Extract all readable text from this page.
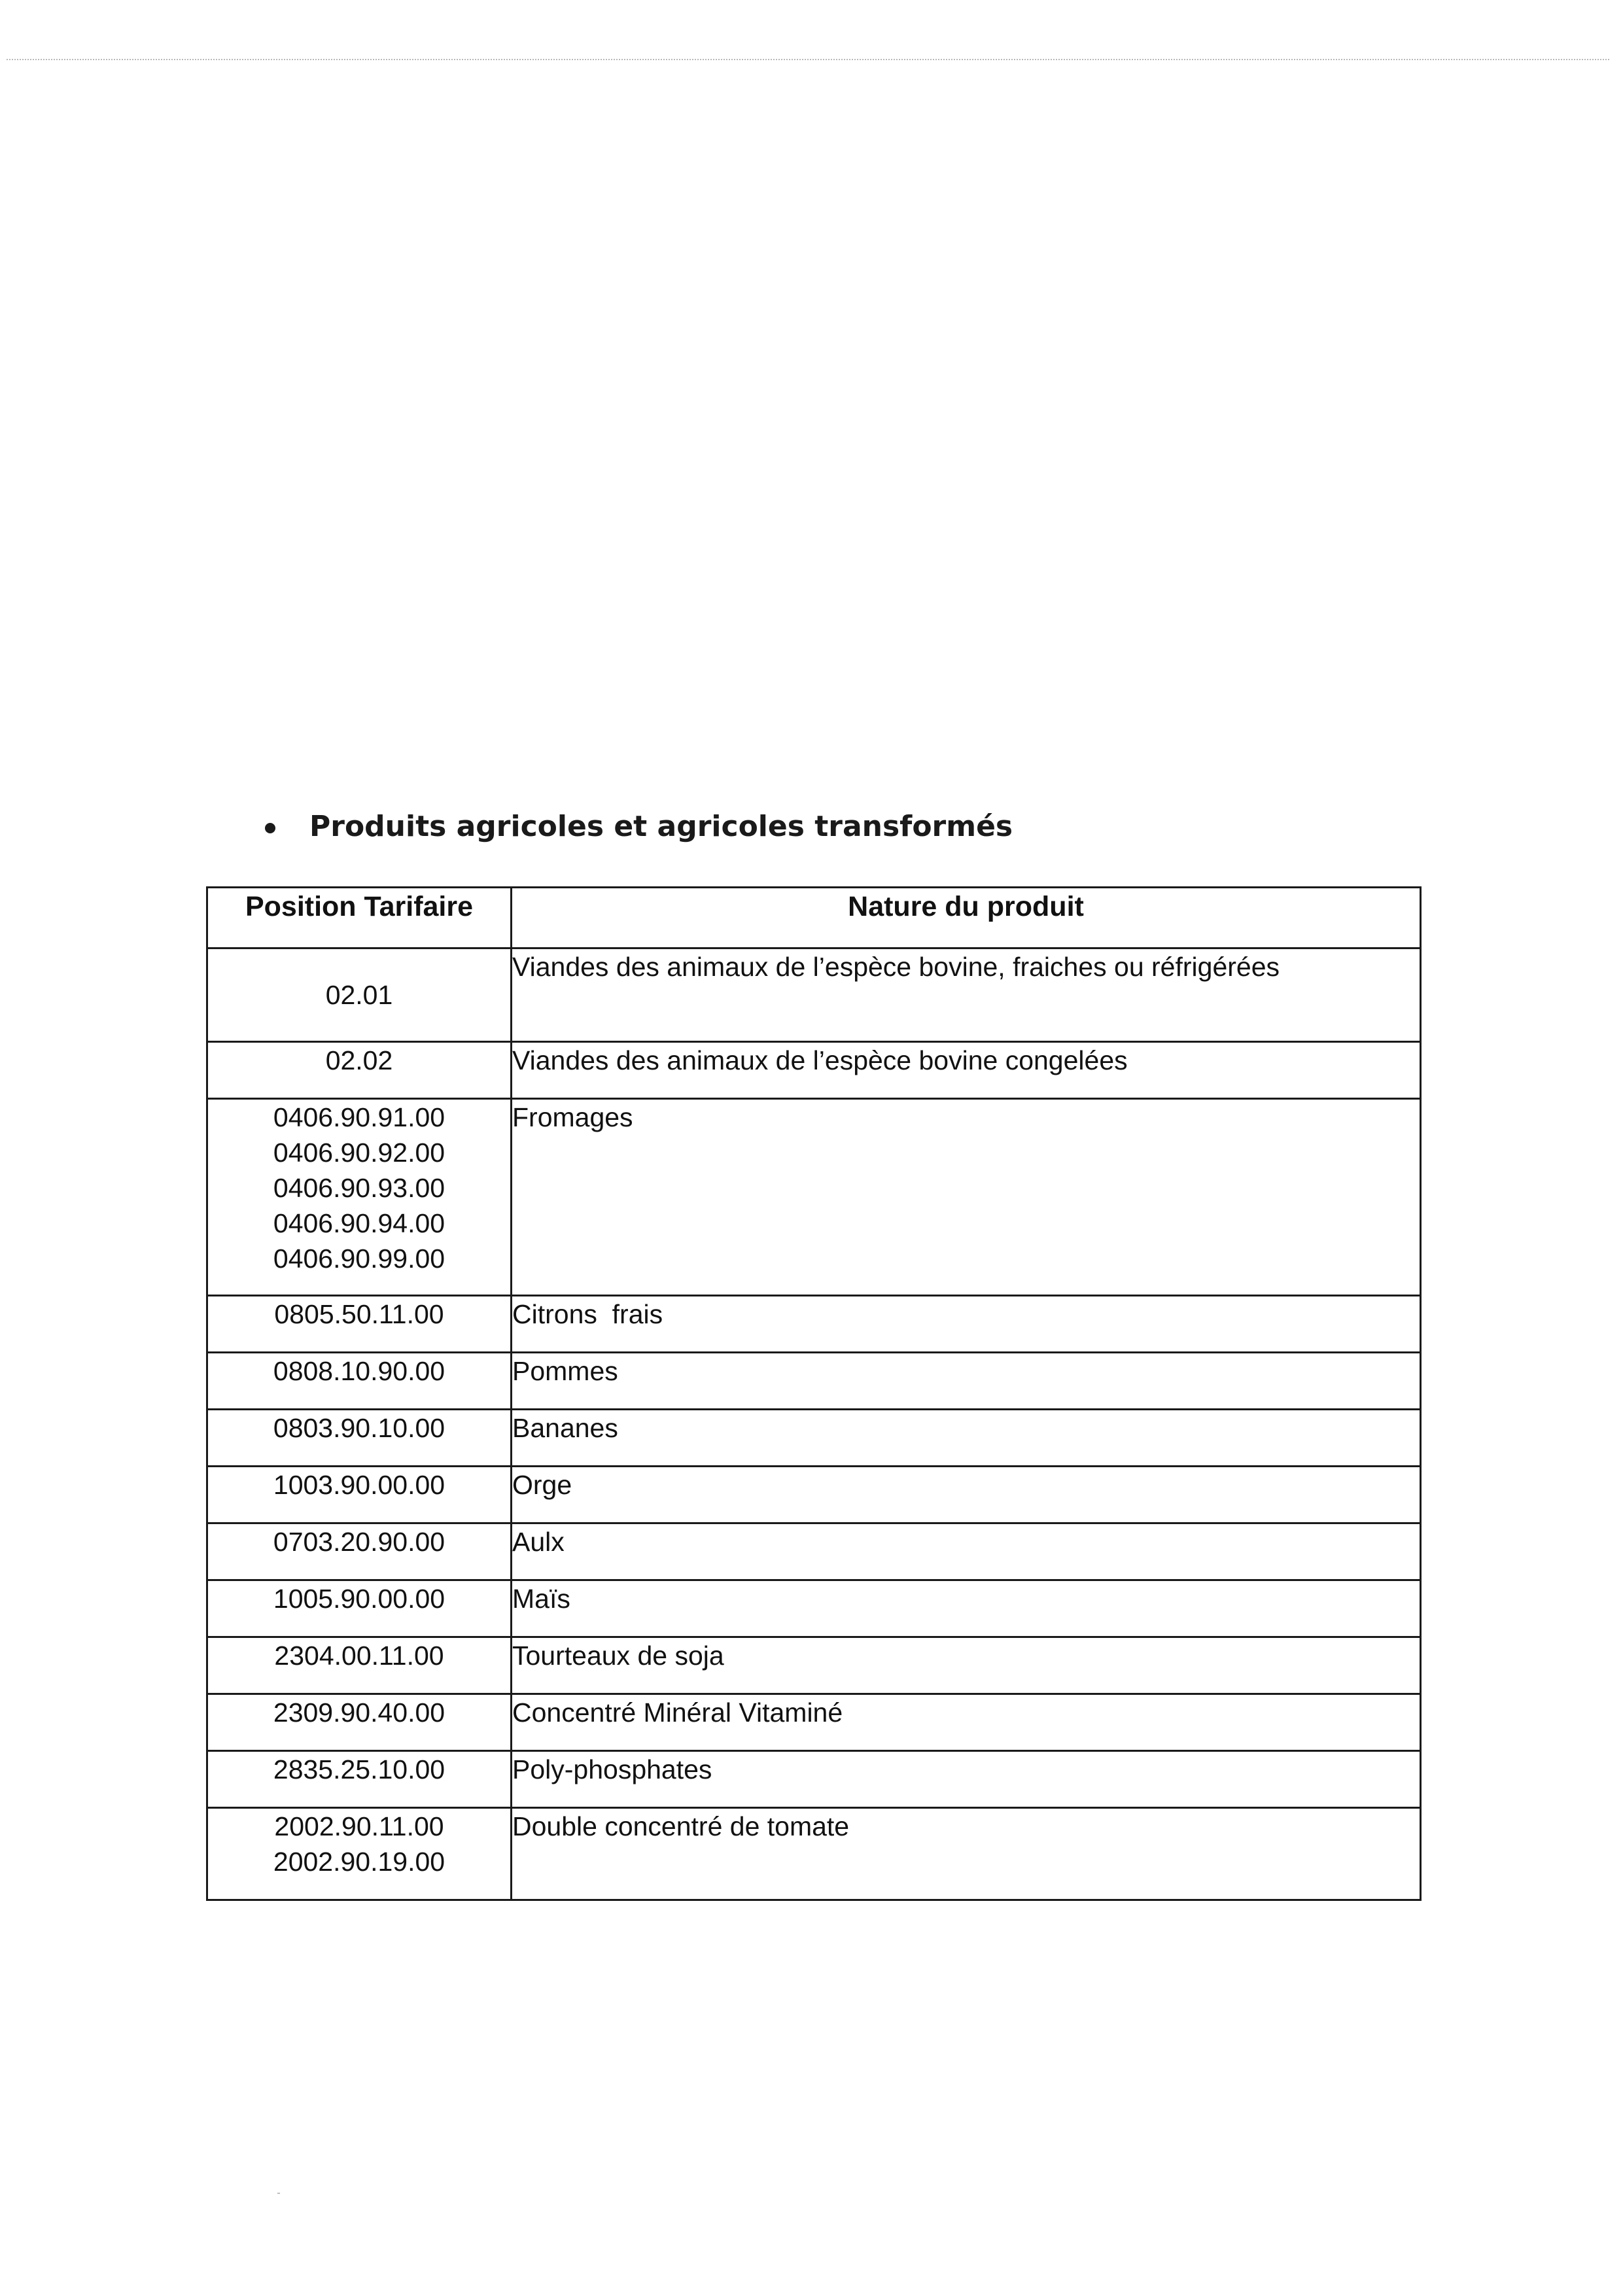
Produits agricoles et agricoles transformés
Position Tarifaire	Nature du produit

02.01	Viandes des animaux de l’espèce bovine, fraiches ou réfrigérées

02.02	Viandes des animaux de l’espèce bovine congelées

0406.90.91.00
0406.90.92.00
0406.90.93.00
0406.90.94.00
0406.90.99.00	Fromages

0805.50.11.00	Citrons  frais

0808.10.90.00	Pommes

0803.90.10.00	Bananes

1003.90.00.00	Orge

0703.20.90.00	Aulx

1005.90.00.00	Maïs

2304.00.11.00	Tourteaux de soja

2309.90.40.00	Concentré Minéral Vitaminé

2835.25.10.00	Poly-phosphates

2002.90.11.00
2002.90.19.00	Double concentré de tomate
